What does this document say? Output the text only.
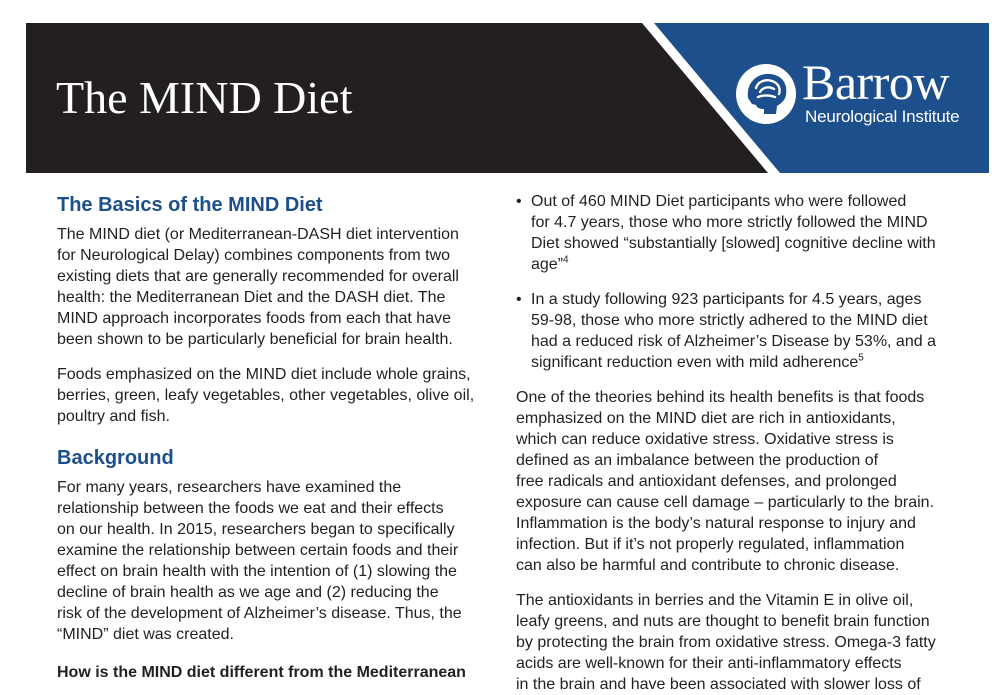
The MIND Diet	Barrow
Neurological Institute
The Basics of the MIND Diet

The MIND diet (or Mediterranean-DASH diet intervention
for Neurological Delay) combines components from two
existing diets that are generally recommended for overall
health: the Mediterranean Diet and the DASH diet. The
MIND approach incorporates foods from each that have
been shown to be particularly beneficial for brain health.

Foods emphasized on the MIND diet include whole grains,
berries, green, leafy vegetables, other vegetables, olive oil,
poultry and fish.

Background

For many years, researchers have examined the
relationship between the foods we eat and their effects
on our health. In 2015, researchers began to specifically
examine the relationship between certain foods and their
effect on brain health with the intention of (1) slowing the
decline of brain health as we age and (2) reducing the
risk of the development of Alzheimer’s disease. Thus, the
“MIND” diet was created.

How is the MIND diet different from the Mediterranean

• Out of 460 MIND Diet participants who were followed
for 4.7 years, those who more strictly followed the MIND
Diet showed “substantially [slowed] cognitive decline with
age”$^4$
• In a study following 923 participants for 4.5 years, ages
59-98, those who more strictly adhered to the MIND diet
had a reduced risk of Alzheimer’s Disease by 53%, and a
significant reduction even with mild adherence$^5$

One of the theories behind its health benefits is that foods
emphasized on the MIND diet are rich in antioxidants,
which can reduce oxidative stress. Oxidative stress is
defined as an imbalance between the production of
free radicals and antioxidant defenses, and prolonged
exposure can cause cell damage – particularly to the brain.
Inflammation is the body’s natural response to injury and
infection. But if it’s not properly regulated, inflammation
can also be harmful and contribute to chronic disease.

The antioxidants in berries and the Vitamin E in olive oil,
leafy greens, and nuts are thought to benefit brain function
by protecting the brain from oxidative stress. Omega-3 fatty
acids are well-known for their anti-inflammatory effects
in the brain and have been associated with slower loss of
